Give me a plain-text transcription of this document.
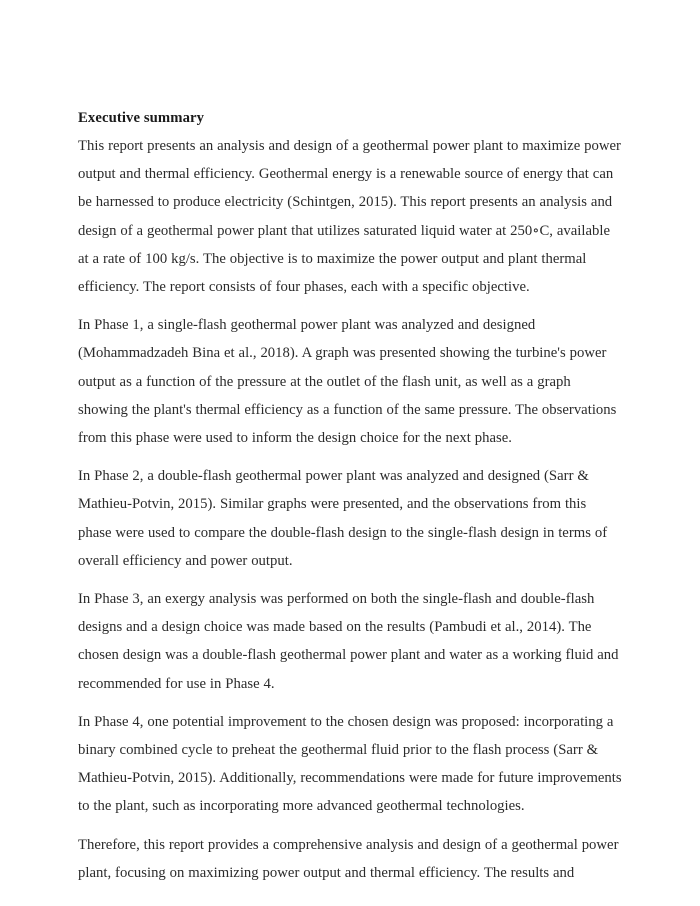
Executive summary

This report presents an analysis and design of a geothermal power plant to maximize power output and thermal efficiency. Geothermal energy is a renewable source of energy that can be harnessed to produce electricity (Schintgen, 2015). This report presents an analysis and design of a geothermal power plant that utilizes saturated liquid water at 250∘C, available at a rate of 100 kg/s. The objective is to maximize the power output and plant thermal efficiency. The report consists of four phases, each with a specific objective.

In Phase 1, a single-flash geothermal power plant was analyzed and designed (Mohammadzadeh Bina et al., 2018). A graph was presented showing the turbine's power output as a function of the pressure at the outlet of the flash unit, as well as a graph showing the plant's thermal efficiency as a function of the same pressure. The observations from this phase were used to inform the design choice for the next phase.

In Phase 2, a double-flash geothermal power plant was analyzed and designed (Sarr & Mathieu-Potvin, 2015). Similar graphs were presented, and the observations from this phase were used to compare the double-flash design to the single-flash design in terms of overall efficiency and power output.

In Phase 3, an exergy analysis was performed on both the single-flash and double-flash designs and a design choice was made based on the results (Pambudi et al., 2014). The chosen design was a double-flash geothermal power plant and water as a working fluid and recommended for use in Phase 4.

In Phase 4, one potential improvement to the chosen design was proposed: incorporating a binary combined cycle to preheat the geothermal fluid prior to the flash process (Sarr & Mathieu-Potvin, 2015). Additionally, recommendations were made for future improvements to the plant, such as incorporating more advanced geothermal technologies.

Therefore, this report provides a comprehensive analysis and design of a geothermal power plant, focusing on maximizing power output and thermal efficiency. The results and
